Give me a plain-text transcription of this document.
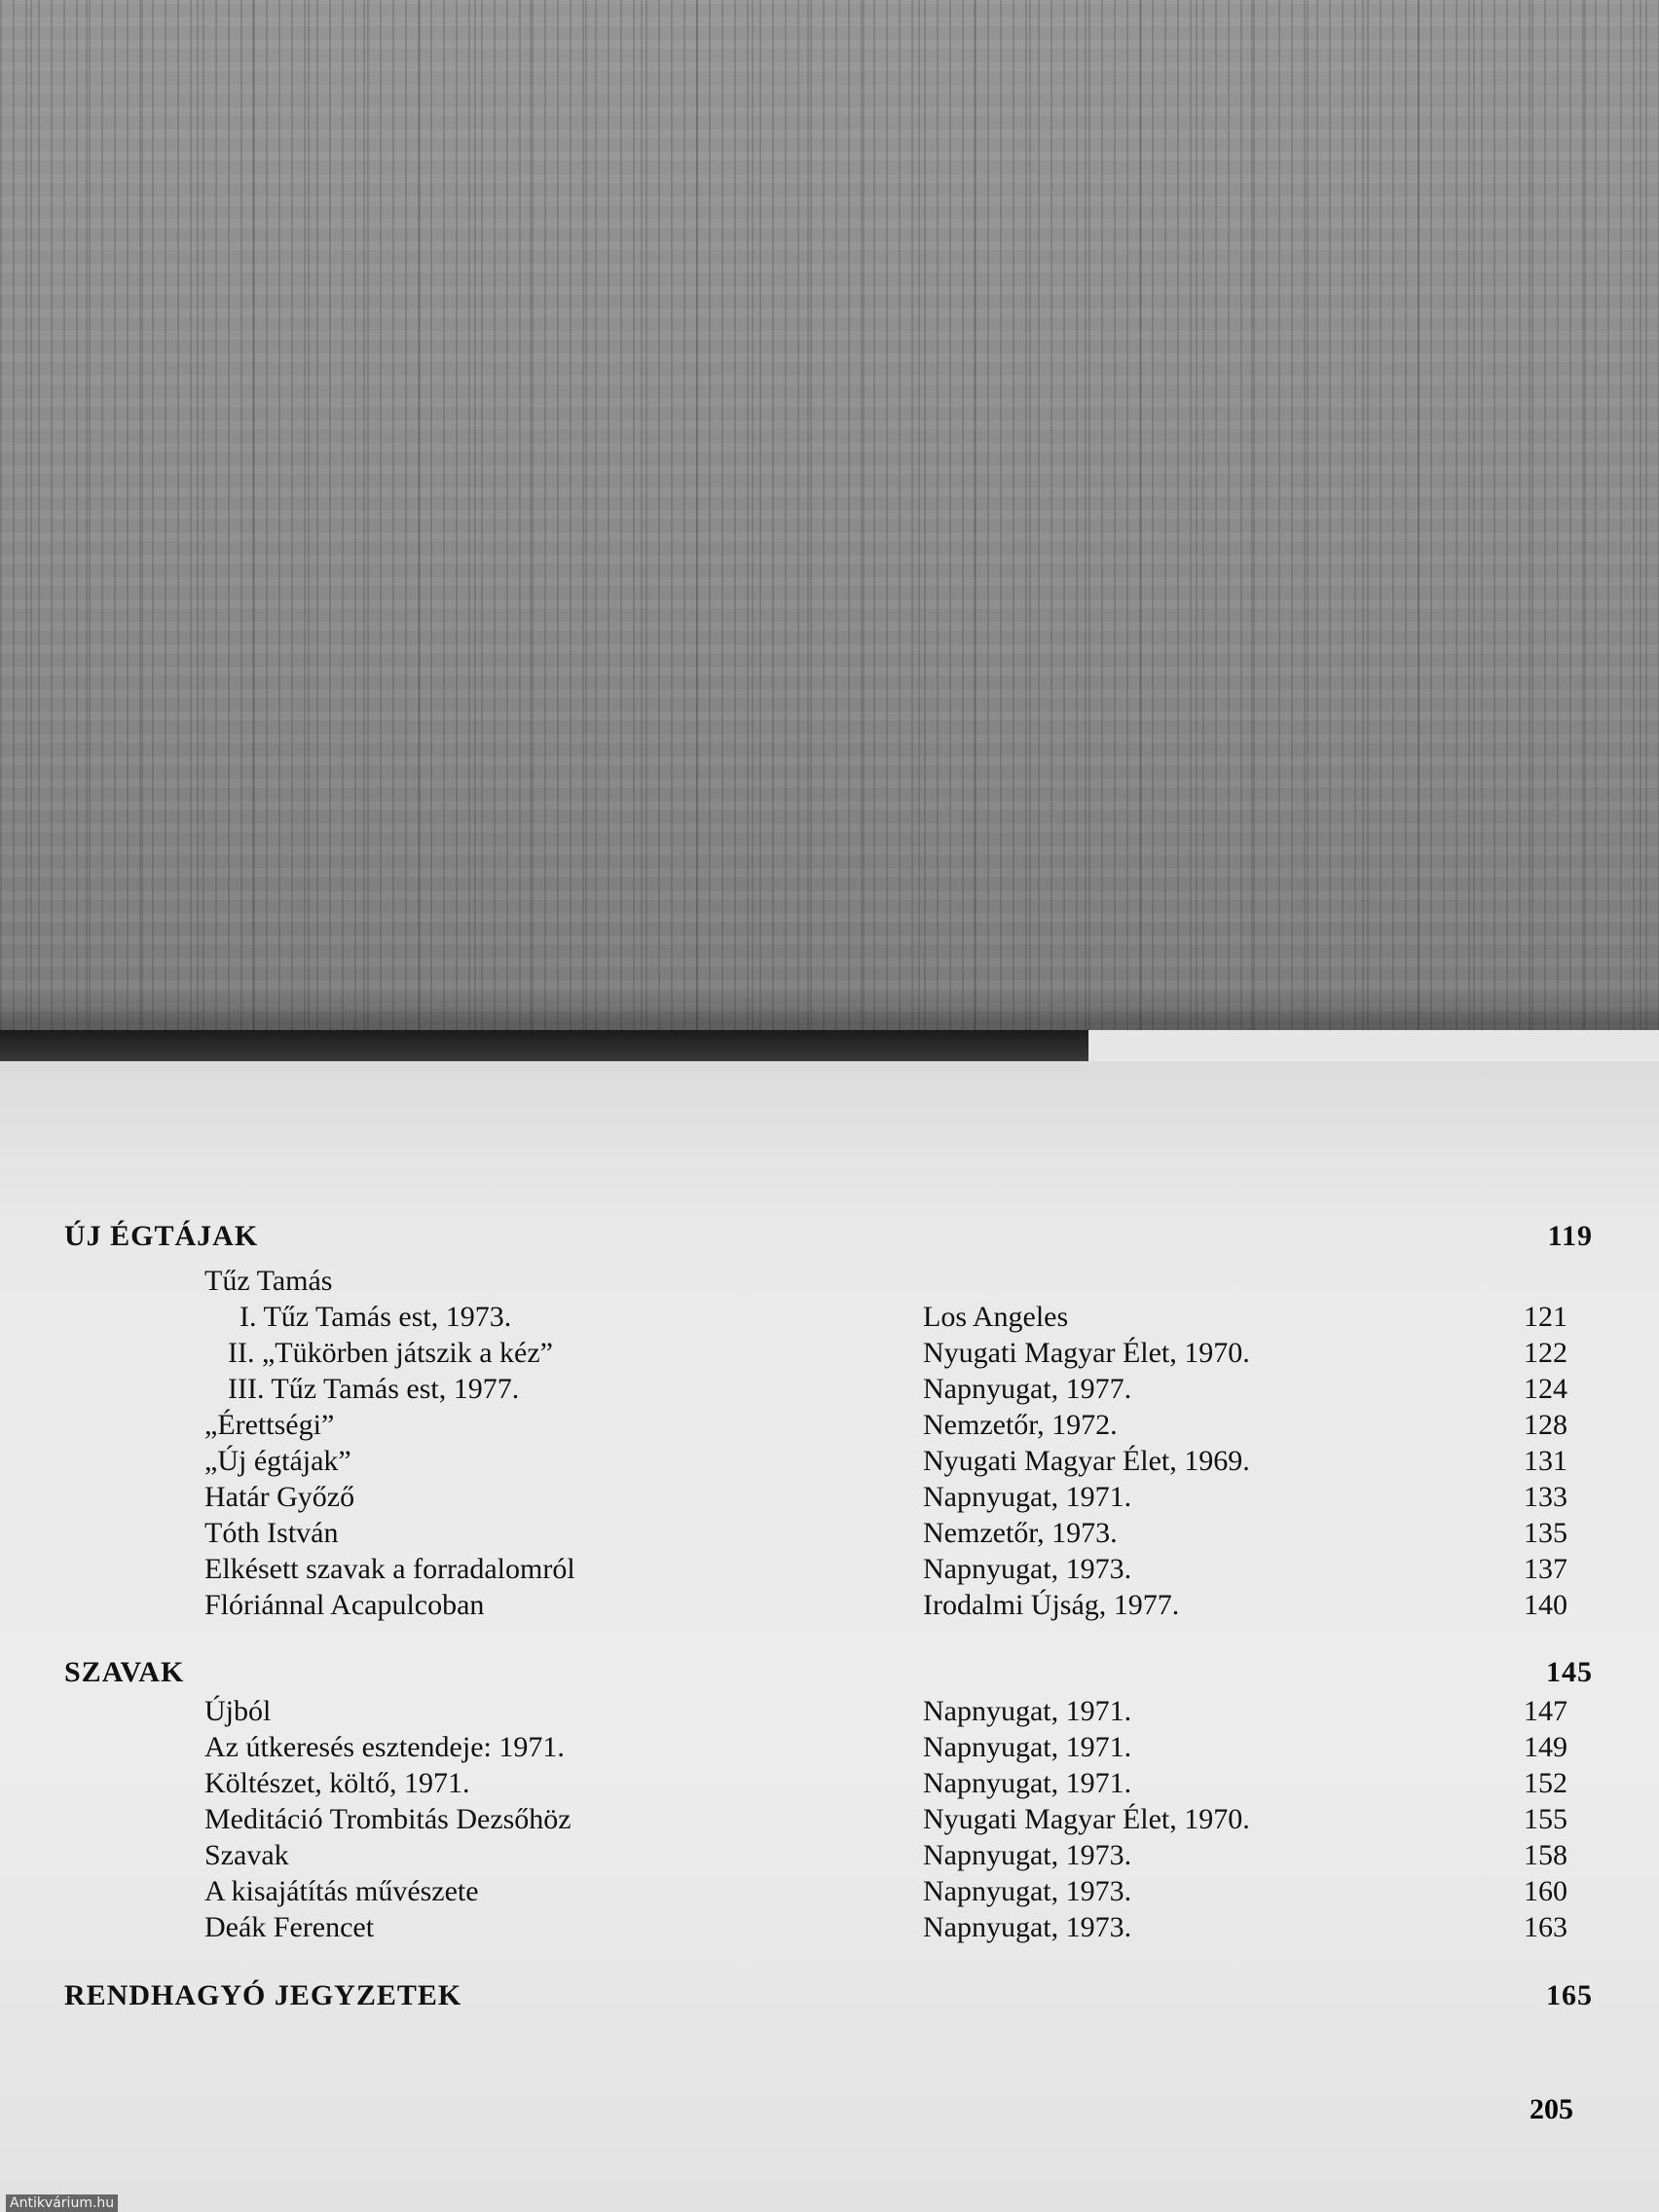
ÚJ ÉGTÁJAK	119
Tűz Tamás
I. Tűz Tamás est, 1973.	Los Angeles	121
II. „Tükörben játszik a kéz”	Nyugati Magyar Élet, 1970.	122
III. Tűz Tamás est, 1977.	Napnyugat, 1977.	124
„Érettségi”	Nemzetőr, 1972.	128
„Új égtájak”	Nyugati Magyar Élet, 1969.	131
Határ Győző	Napnyugat, 1971.	133
Tóth István	Nemzetőr, 1973.	135
Elkésett szavak a forradalomról	Napnyugat, 1973.	137
Flóriánnal Acapulcoban	Irodalmi Újság, 1977.	140
SZAVAK	145
Újból	Napnyugat, 1971.	147
Az útkeresés esztendeje: 1971.	Napnyugat, 1971.	149
Költészet, költő, 1971.	Napnyugat, 1971.	152
Meditáció Trombitás Dezsőhöz	Nyugati Magyar Élet, 1970.	155
Szavak	Napnyugat, 1973.	158
A kisajátítás művészete	Napnyugat, 1973.	160
Deák Ferencet	Napnyugat, 1973.	163
RENDHAGYÓ JEGYZETEK	165
205
Antikvárium.hu
